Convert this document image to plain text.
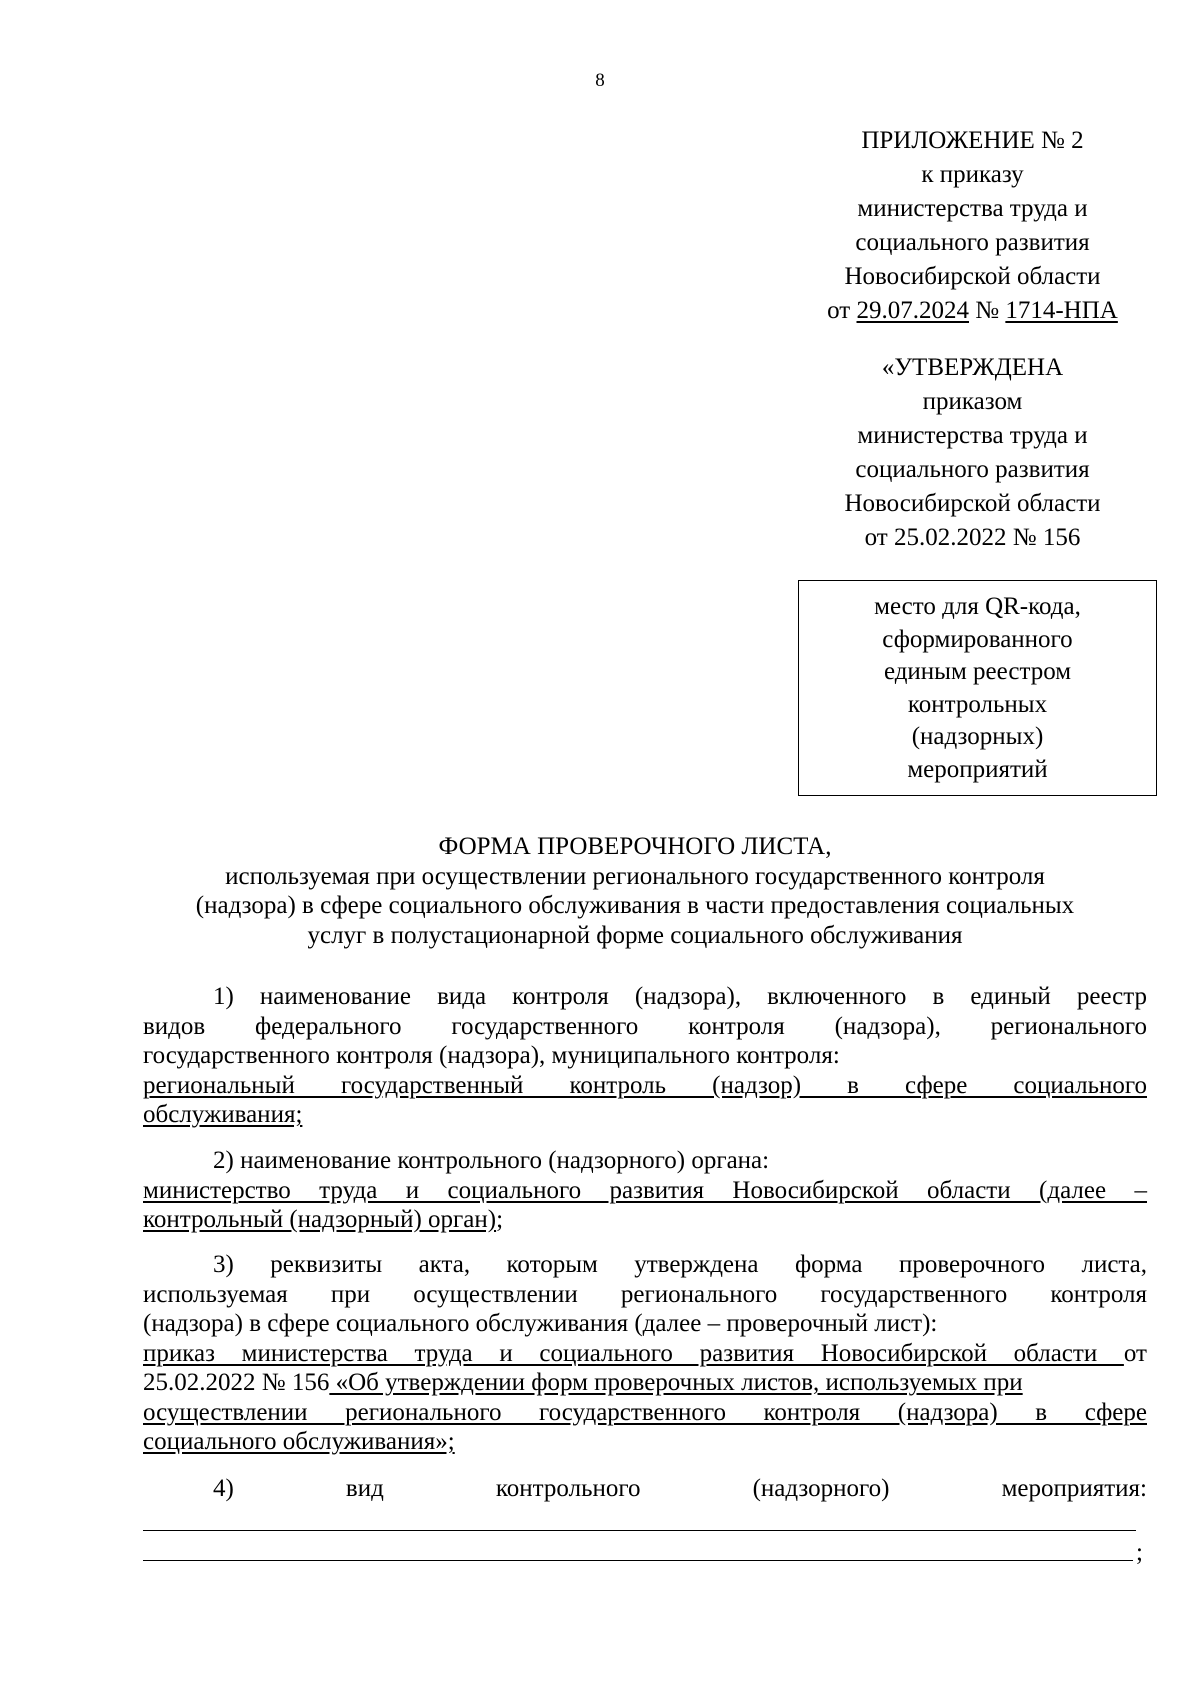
8
ПРИЛОЖЕНИЕ № 2
к приказу
министерства труда и
социального развития
Новосибирской области
от 29.07.2024 № 1714-НПА
«УТВЕРЖДЕНА
приказом
министерства труда и
социального развития
Новосибирской области
от 25.02.2022 № 156
место для QR-кода,
сформированного
единым реестром
контрольных
(надзорных)
мероприятий
ФОРМА ПРОВЕРОЧНОГО ЛИСТА,
используемая при осуществлении регионального государственного контроля
(надзора) в сфере социального обслуживания в части предоставления социальных
услуг в полустационарной форме социального обслуживания
1) наименование вида контроля (надзора), включенного в единый реестр
видов федерального государственного контроля (надзора), регионального
государственного контроля (надзора), муниципального контроля:
региональный государственный контроль (надзор) в сфере социального
обслуживания;
2) наименование контрольного (надзорного) органа:
министерство труда и социального развития Новосибирской области (далее –
контрольный (надзорный) орган);
3) реквизиты акта, которым утверждена форма проверочного листа,
используемая при осуществлении регионального государственного контроля
(надзора) в сфере социального обслуживания (далее – проверочный лист):
приказ министерства труда и социального развития Новосибирской области от
25.02.2022 № 156 «Об утверждении форм проверочных листов, используемых при
осуществлении регионального государственного контроля (надзора) в сфере
социального обслуживания»;
4) вид контрольного (надзорного) мероприятия:
;
